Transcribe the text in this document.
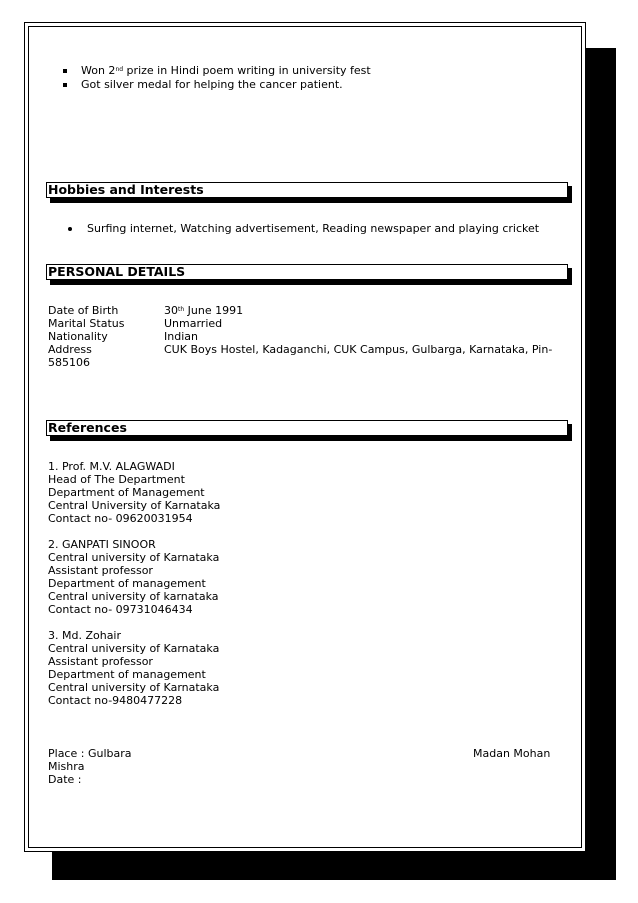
Won 2nd prize in Hindi poem writing in university fest
Got silver medal for helping the cancer patient.
Hobbies and Interests
Surfing internet, Watching advertisement, Reading newspaper and playing cricket
PERSONAL DETAILS
Date of Birth	30th June 1991
Marital Status	Unmarried
Nationality	Indian
Address	CUK Boys Hostel, Kadaganchi, CUK Campus, Gulbarga, Karnataka, Pin-
585106
References
1. Prof. M.V. ALAGWADI
Head of The Department
Department of Management
Central University of Karnataka
Contact no- 09620031954
2. GANPATI SINOOR
Central university of Karnataka
Assistant professor
Department of management
Central university of karnataka
Contact no- 09731046434
3. Md. Zohair
Central university of Karnataka
Assistant professor
Department of management
Central university of Karnataka
Contact no-9480477228
Place : Gulbara	Madan Mohan
Mishra
Date :
